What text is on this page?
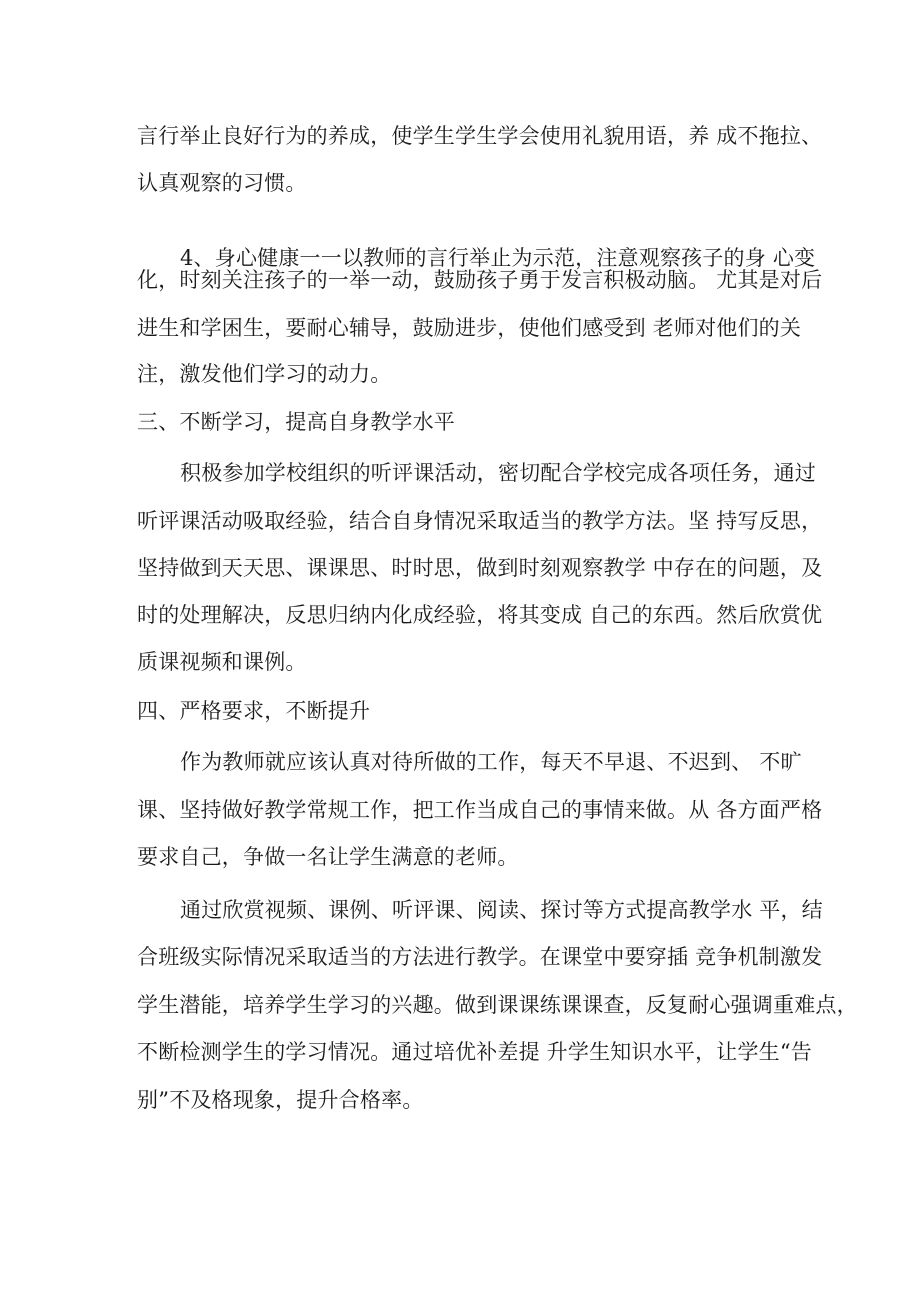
言行举止良好行为的养成，使学生学生学会使用礼貌用语，养 成不拖拉、
认真观察的习惯。
4、身心健康一一以教师的言行举止为示范，注意观察孩子的身 心变
化，时刻关注孩子的一举一动，鼓励孩子勇于发言积极动脑。 尤其是对后
进生和学困生，要耐心辅导，鼓励进步，使他们感受到 老师对他们的关
注，激发他们学习的动力。
三、不断学习，提高自身教学水平
积极参加学校组织的听评课活动，密切配合学校完成各项任务，通过
听评课活动吸取经验，结合自身情况采取适当的教学方法。坚 持写反思，
坚持做到天天思、课课思、时时思，做到时刻观察教学 中存在的问题，及
时的处理解决，反思归纳内化成经验，将其变成 自己的东西。然后欣赏优
质课视频和课例。
四、严格要求，不断提升
作为教师就应该认真对待所做的工作，每天不早退、不迟到、 不旷
课、坚持做好教学常规工作，把工作当成自己的事情来做。从 各方面严格
要求自己，争做一名让学生满意的老师。
通过欣赏视频、课例、听评课、阅读、探讨等方式提高教学水 平，结
合班级实际情况采取适当的方法进行教学。在课堂中要穿插 竞争机制激发
学生潜能，培养学生学习的兴趣。做到课课练课课查，反复耐心强调重难点，
不断检测学生的学习情况。通过培优补差提 升学生知识水平，让学生“告
别”不及格现象，提升合格率。
